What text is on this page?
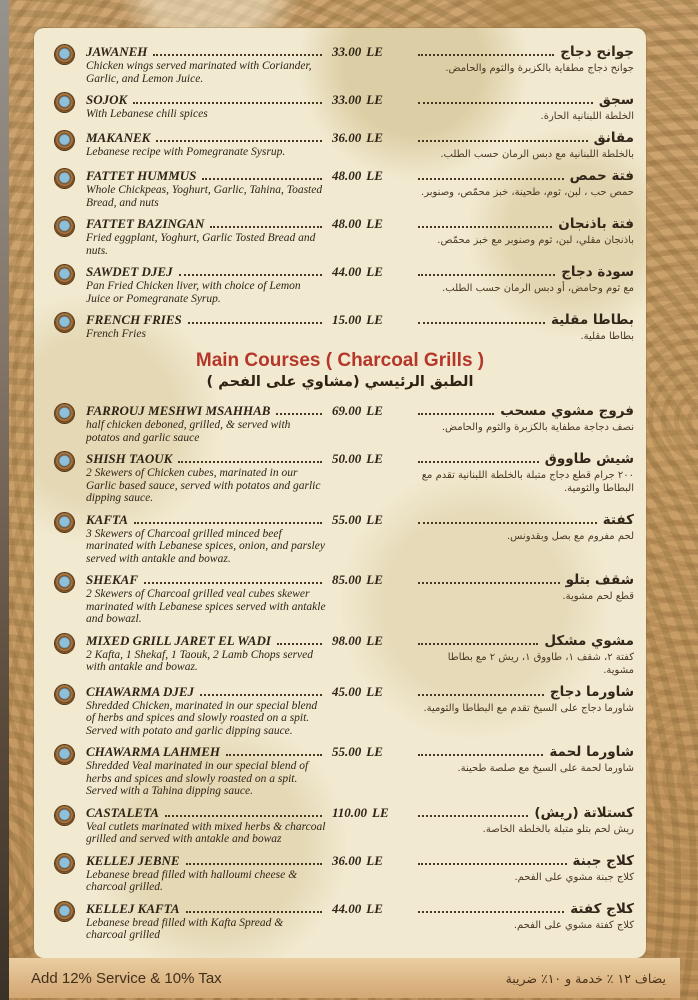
JAWANEH
Chicken wings served marinated with Coriander, Garlic, and Lemon Juice.
33.00 LE	جوانح دجاج
جوانح دجاج مطفاية بالكزبرة والثوم والحامض.
SOJOK
With Lebanese chili spices
33.00 LE	سجق
الخلطة اللبنانية الحارة.
MAKANEK
Lebanese recipe with Pomegranate Sysrup.
36.00 LE	مقانق
بالخلطة اللبنانية مع دبس الرمان حسب الطلب.
FATTET HUMMUS
Whole Chickpeas, Yoghurt, Garlic, Tahina, Toasted Bread, and nuts
48.00 LE	فتة حمص
حمص حب ، لبن، ثوم، طحينة، خبز محمّص، وصنوبر.
FATTET BAZINGAN
Fried eggplant, Yoghurt, Garlic Tosted Bread and nuts.
48.00 LE	فتة باذنجان
باذنجان مقلي، لبن، ثوم وصنوبر مع خبز محمّص.
SAWDET DJEJ
Pan Fried Chicken liver, with choice of Lemon Juice or Pomegranate Syrup.
44.00 LE	سودة دجاج
مع ثوم وحامض، أو دبس الرمان حسب الطلب.
FRENCH FRIES
French Fries
15.00 LE	بطاطا مقلية
بطاطا مقلية.
Main Courses ( Charcoal Grills )
الطبق الرئيسي (مشاوي على الفحم )
FARROUJ MESHWI MSAHHAB
half chicken deboned, grilled, & served with potatos and garlic sauce
69.00 LE	فروج مشوي مسحب
نصف دجاجة مطفاية بالكزبرة والثوم والحامض.
SHISH TAOUK
2 Skewers of Chicken cubes, marinated in our Garlic based sauce, served with potatos and garlic dipping sauce.
50.00 LE	شيش طاووق
٢٠٠ جرام قطع دجاج متبلة بالخلطة اللبنانية تقدم مع البطاطا والثومية.
KAFTA
3 Skewers of Charcoal grilled minced beef marinated with Lebanese spices, onion, and parsley served with antakle and bowaz.
55.00 LE	كفتة
لحم مفروم مع بصل وبقدونس.
SHEKAF
2 Skewers of Charcoal grilled veal cubes skewer marinated with Lebanese spices served with antakle and bowazl.
85.00 LE	شقف بتلو
قطع لحم مشوية.
MIXED GRILL JARET EL WADI
2 Kafta, 1 Shekaf, 1 Taouk, 2 Lamb Chops served with antakle and bowaz.
98.00 LE	مشوي مشكل
كفتة ٢، شقف ١، طاووق ١، ريش ٢ مع بطاطا مشوية.
CHAWARMA DJEJ
Shredded Chicken, marinated in our special blend of herbs and spices and slowly roasted on a spit. Served with potato and garlic dipping sauce.
45.00 LE	شاورما دجاج
شاورما دجاج على السيخ تقدم مع البطاطا والثومية.
CHAWARMA LAHMEH
Shredded Veal marinated in our special blend of herbs and spices and slowly roasted on a spit. Served with a Tahina dipping sauce.
55.00 LE	شاورما لحمة
شاورما لحمة على السيخ مع صلصة طحينة.
CASTALETA
Veal cutlets marinated with mixed herbs & charcoal grilled and served with antakle and bowaz
110.00 LE	كستلاتة (ريش)
ريش لحم بتلو متبلة بالخلطة الخاصة.
KELLEJ JEBNE
Lebanese bread filled with halloumi cheese & charcoal grilled.
36.00 LE	كلاج جبنة
كلاج جبنة مشوي على الفحم.
KELLEJ KAFTA
Lebanese bread filled with Kafta Spread & charcoal grilled
44.00 LE	كلاج كفتة
كلاج كفتة مشوي على الفحم.
Add 12% Service & 10% Tax	يضاف ١٢ ٪ خدمة و ١٠٪ ضريبة
